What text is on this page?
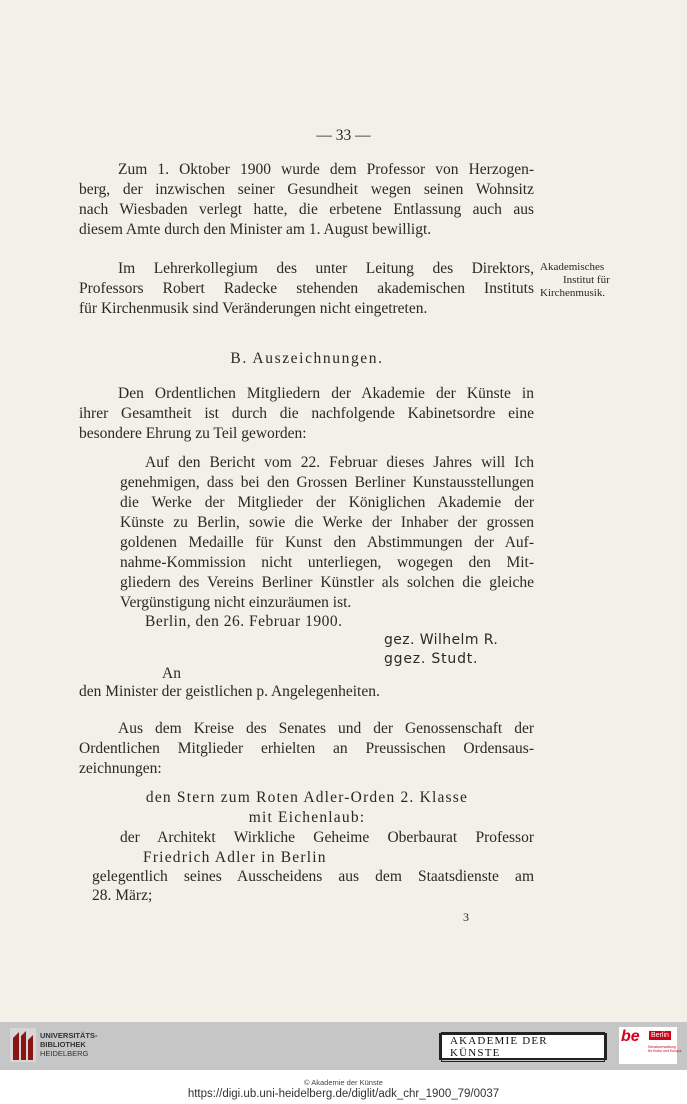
— 33 —
Zum 1. Oktober 1900 wurde dem Professor von Herzogen-
berg, der inzwischen seiner Gesundheit wegen seinen Wohnsitz
nach Wiesbaden verlegt hatte, die erbetene Entlassung auch aus
diesem Amte durch den Minister am 1. August bewilligt.
Im Lehrerkollegium des unter Leitung des Direktors,
Professors Robert Radecke stehenden akademischen Instituts
für Kirchenmusik sind Veränderungen nicht eingetreten.
Akademisches
Institut für
Kirchenmusik.
B. Auszeichnungen.
Den Ordentlichen Mitgliedern der Akademie der Künste in
ihrer Gesamtheit ist durch die nachfolgende Kabinetsordre eine
besondere Ehrung zu Teil geworden:
Auf den Bericht vom 22. Februar dieses Jahres will Ich
genehmigen, dass bei den Grossen Berliner Kunstausstellungen
die Werke der Mitglieder der Königlichen Akademie der
Künste zu Berlin, sowie die Werke der Inhaber der grossen
goldenen Medaille für Kunst den Abstimmungen der Auf-
nahme-Kommission nicht unterliegen, wogegen den Mit-
gliedern des Vereins Berliner Künstler als solchen die gleiche
Vergünstigung nicht einzuräumen ist.
Berlin, den 26. Februar 1900.
gez. Wilhelm R.
ggez. Studt.
An
den Minister der geistlichen p. Angelegenheiten.
Aus dem Kreise des Senates und der Genossenschaft der
Ordentlichen Mitglieder erhielten an Preussischen Ordensaus-
zeichnungen:
den Stern zum Roten Adler-Orden 2. Klasse
mit Eichenlaub:
der Architekt Wirkliche Geheime Oberbaurat Professor
Friedrich Adler in Berlin
gelegentlich seines Ausscheidens aus dem Staatsdienste am
28. März;
3
UNIVERSITÄTS-
BIBLIOTHEK
HEIDELBERG
AKADEMIE DER KÜNSTE
be Berlin
Senatsverwaltung
für Kultur und Europa
© Akademie der Künste
https://digi.ub.uni-heidelberg.de/diglit/adk_chr_1900_79/0037
